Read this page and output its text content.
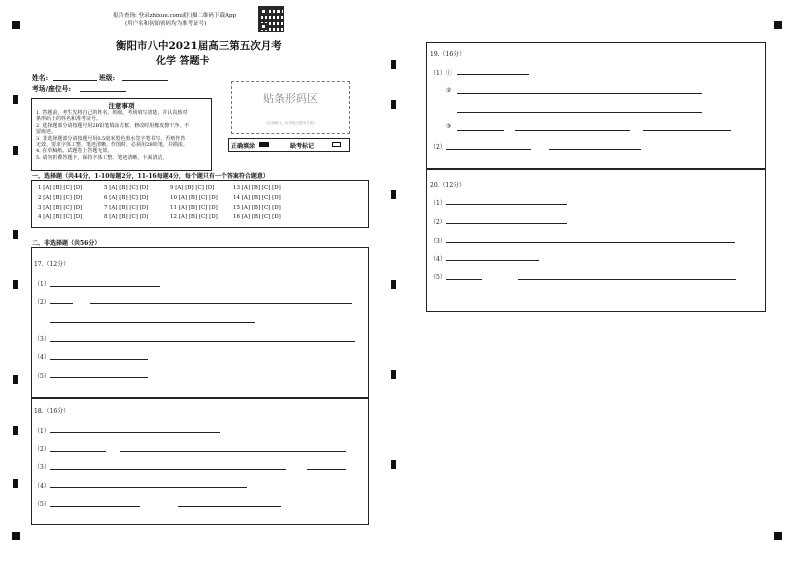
报告查询: 登录zhixue.com或扫描二维码下载App
(用户名和初始密码均为准考证号)
衡阳市八中2021届高三第五次月考
化学 答题卡
姓名:	班级:
考场/座位号:
注意事项
1. 答题前，考生先将自己的姓名、班级、考场填写清楚，并认真核对
条形码上的姓名和准考证号。
2. 选择题部分请按题号用2B铅笔填涂方框，修改时用橡皮擦干净，不
留痕迹。
3. 非选择题部分请按题号用0.5毫米黑色墨水签字笔书写，否则作答
无效。要求字体工整、笔迹清晰。作图时，必须用2B铅笔，并描浓。
4. 在草稿纸、试题卷上答题无效。
5. 请勿折叠答题卡，保持字体工整、笔迹清晰、卡面清洁。
贴条形码区
(正面朝上, 切勿贴出虚线方框)
正确填涂	缺考标记
一、选择题（共44分，1-10每题2分，11-16每题4分，每个题只有一个答案符合题意）
1 [A] [B] [C] [D]	5 [A] [B] [C] [D]	9 [A] [B] [C] [D]	13 [A] [B] [C] [D]
2 [A] [B] [C] [D]	6 [A] [B] [C] [D]	10 [A] [B] [C] [D]	14 [A] [B] [C] [D]
3 [A] [B] [C] [D]	7 [A] [B] [C] [D]	11 [A] [B] [C] [D]	15 [A] [B] [C] [D]
4 [A] [B] [C] [D]	8 [A] [B] [C] [D]	12 [A] [B] [C] [D]	16 [A] [B] [C] [D]
二、非选择题（共56分）
17.（12分）
（1）
（2）
（3）
（4）
（5）
18.（16分）
（1）
（2）
（3）
（4）
（5）
19.（16分）
（1）①
②
③
（2）
20.（12分）
（1）
（2）
（3）
（4）
（5）
